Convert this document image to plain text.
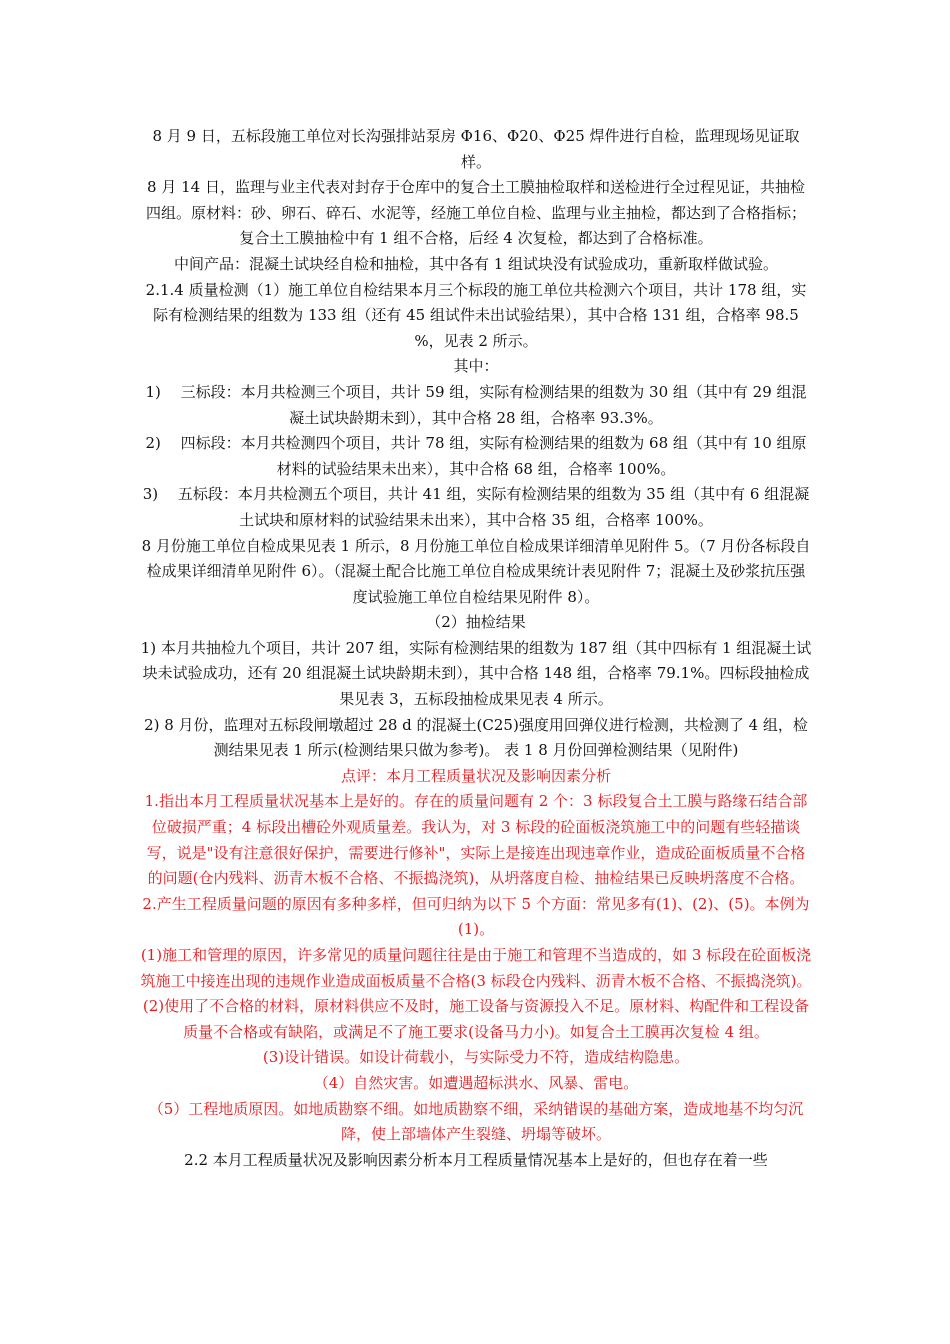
8 月 9 日，五标段施工单位对长沟强排站泵房 Φ16、Φ20、Φ25 焊件进行自检，监理现场见证取样。

8 月 14 日，监理与业主代表对封存于仓库中的复合土工膜抽检取样和送检进行全过程见证，共抽检四组。原材料：砂、卵石、碎石、水泥等，经施工单位自检、监理与业主抽检，都达到了合格指标；复合土工膜抽检中有 1 组不合格，后经 4 次复检，都达到了合格标准。

中间产品：混凝土试块经自检和抽检，其中各有 1 组试块没有试验成功，重新取样做试验。

2.1.4 质量检测（1）施工单位自检结果本月三个标段的施工单位共检测六个项目，共计 178 组，实际有检测结果的组数为 133 组（还有 45 组试件未出试验结果），其中合格 131 组，合格率 98.5 %，见表 2 所示。

其中：

1)　 三标段：本月共检测三个项目，共计 59 组，实际有检测结果的组数为 30 组（其中有 29 组混凝土试块龄期未到），其中合格 28 组，合格率 93.3%。

2)　 四标段：本月共检测四个项目，共计 78 组，实际有检测结果的组数为 68 组（其中有 10 组原材料的试验结果未出来），其中合格 68 组，合格率 100%。

3)　 五标段：本月共检测五个项目，共计 41 组，实际有检测结果的组数为 35 组（其中有 6 组混凝土试块和原材料的试验结果未出来），其中合格 35 组，合格率 100%。

8 月份施工单位自检成果见表 1 所示，8 月份施工单位自检成果详细清单见附件 5。（7 月份各标段自检成果详细清单见附件 6）。（混凝土配合比施工单位自检成果统计表见附件 7；混凝土及砂浆抗压强度试验施工单位自检结果见附件 8）。

（2）抽检结果

1) 本月共抽检九个项目，共计 207 组，实际有检测结果的组数为 187 组（其中四标有 1 组混凝土试块未试验成功，还有 20 组混凝土试块龄期未到），其中合格 148 组，合格率 79.1%。四标段抽检成果见表 3，五标段抽检成果见表 4 所示。

2) 8 月份，监理对五标段闸墩超过 28 d 的混凝土(C25)强度用回弹仪进行检测，共检测了 4 组，检测结果见表 1 所示(检测结果只做为参考)。 表 1 8 月份回弹检测结果（见附件)

点评：本月工程质量状况及影响因素分析

1.指出本月工程质量状况基本上是好的。存在的质量问题有 2 个：3 标段复合土工膜与路缘石结合部位破损严重；4 标段出槽砼外观质量差。我认为，对 3 标段的砼面板浇筑施工中的问题有些轻描谈写，说是"设有注意很好保护，需要进行修补"，实际上是接连出现违章作业，造成砼面板质量不合格的问题(仓内残料、沥青木板不合格、不振捣浇筑)，从坍落度自检、抽检结果已反映坍落度不合格。

2.产生工程质量问题的原因有多种多样，但可归纳为以下 5 个方面：常见多有(1)、(2)、(5)。本例为(1)。

(1)施工和管理的原因，许多常见的质量问题往往是由于施工和管理不当造成的，如 3 标段在砼面板浇筑施工中接连出现的违规作业造成面板质量不合格(3 标段仓内残料、沥青木板不合格、不振捣浇筑)。

(2)使用了不合格的材料，原材料供应不及时，施工设备与资源投入不足。原材料、构配件和工程设备质量不合格或有缺陷，或满足不了施工要求(设备马力小)。如复合土工膜再次复检 4 组。

(3)设计错误。如设计荷载小，与实际受力不符，造成结构隐患。

（4）自然灾害。如遭遇超标洪水、风暴、雷电。

（5）工程地质原因。如地质勘察不细。如地质勘察不细，采纳错误的基础方案，造成地基不均匀沉降，使上部墙体产生裂缝、坍塌等破坏。

2.2 本月工程质量状况及影响因素分析本月工程质量情况基本上是好的，但也存在着一些
